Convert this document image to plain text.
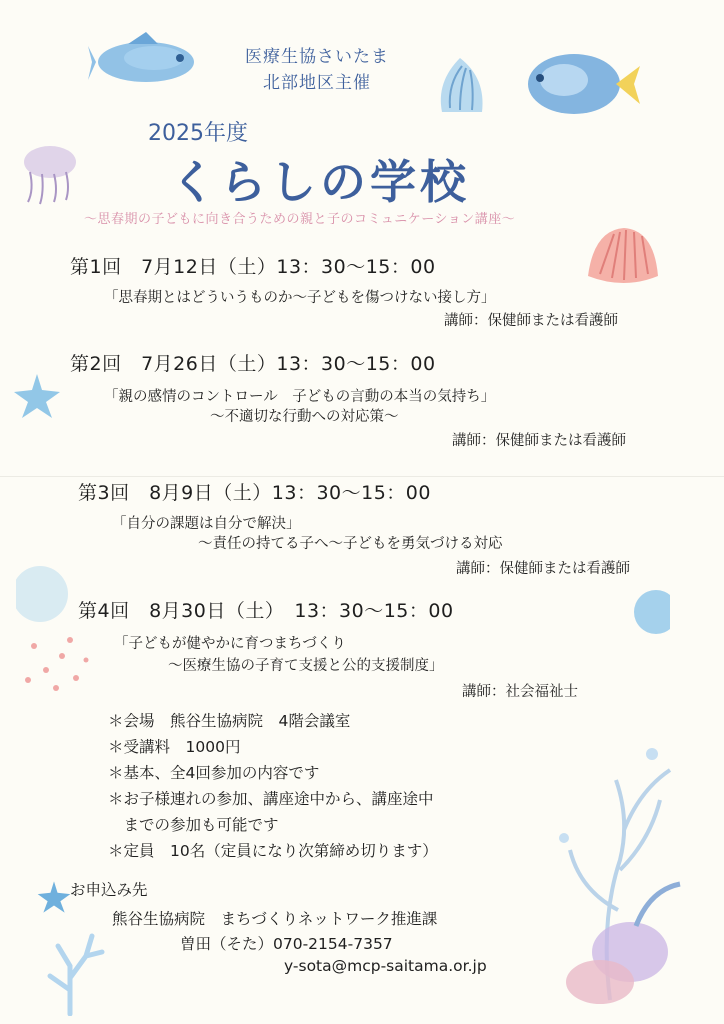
医療生協さいたま
北部地区主催
2025年度
くらしの学校
～思春期の子どもに向き合うための親と子のコミュニケーション講座～
第1回　7月12日（土）13：30～15：00
「思春期とはどういうものか～子どもを傷つけない接し方」
講師：保健師または看護師
第2回　7月26日（土）13：30～15：00
「親の感情のコントロール　子どもの言動の本当の気持ち」
～不適切な行動への対応策～
講師：保健師または看護師
第3回　8月9日（土）13：30～15：00
「自分の課題は自分で解決」
～責任の持てる子へ～子どもを勇気づける対応
講師：保健師または看護師
第4回　8月30日（土）　13：30～15：00
「子どもが健やかに育つまちづくり
～医療生協の子育て支援と公的支援制度」
講師：社会福祉士
＊会場　熊谷生協病院　4階会議室
＊受講料　1000円
＊基本、全4回参加の内容です
＊お子様連れの参加、講座途中から、講座途中
　までの参加も可能です
＊定員　10名（定員になり次第締め切ります）
お申込み先
熊谷生協病院　まちづくりネットワーク推進課
曽田（そた）070-2154-7357
y-sota@mcp-saitama.or.jp
